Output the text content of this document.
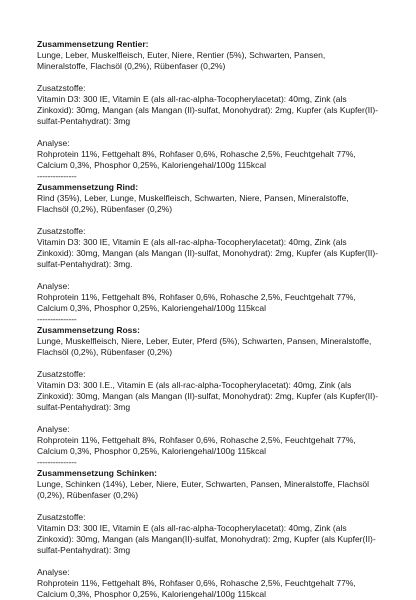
Zusammensetzung Rentier:

Lunge, Leber, Muskelfleisch, Euter, Niere, Rentier (5%), Schwarten, Pansen,
Mineralstoffe, Flachsöl (0,2%), Rübenfaser (0,2%)

Zusatzstoffe:

Vitamin D3: 300 IE, Vitamin E (als all-rac-alpha-Tocopherylacetat): 40mg, Zink (als
Zinkoxid): 30mg, Mangan (als Mangan (II)-sulfat, Monohydrat): 2mg, Kupfer (als Kupfer(II)-
sulfat-Pentahydrat): 3mg

Analyse:

Rohprotein 11%, Fettgehalt 8%, Rohfaser 0,6%, Rohasche 2,5%, Feuchtgehalt 77%,
Calcium 0,3%, Phosphor 0,25%, Kaloriengehal/100g 115kcal

---------------

Zusammensetzung Rind:

Rind (35%), Leber, Lunge, Muskelfleisch, Schwarten, Niere, Pansen, Mineralstoffe,
Flachsöl (0,2%), Rübenfaser (0,2%)

Zusatzstoffe:

Vitamin D3: 300 IE, Vitamin E (als all-rac-alpha-Tocopherylacetat): 40mg, Zink (als
Zinkoxid): 30mg, Mangan (als Mangan (II)-sulfat, Monohydrat): 2mg, Kupfer (als Kupfer(II)-
sulfat-Pentahydrat): 3mg.

Analyse:

Rohprotein 11%, Fettgehalt 8%, Rohfaser 0,6%, Rohasche 2,5%, Feuchtgehalt 77%,
Calcium 0,3%, Phosphor 0,25%, Kaloriengehal/100g 115kcal

---------------

Zusammensetzung Ross:

Lunge, Muskelfleisch, Niere, Leber, Euter, Pferd (5%), Schwarten, Pansen, Mineralstoffe,
Flachsöl (0,2%), Rübenfaser (0,2%)

Zusatzstoffe:

Vitamin D3: 300 I.E., Vitamin E (als all-rac-alpha-Tocopherylacetat): 40mg, Zink (als
Zinkoxid): 30mg, Mangan (als Mangan (II)-sulfat, Monohydrat): 2mg, Kupfer (als Kupfer(II)-
sulfat-Pentahydrat): 3mg

Analyse:

Rohprotein 11%, Fettgehalt 8%, Rohfaser 0,6%, Rohasche 2,5%, Feuchtgehalt 77%,
Calcium 0,3%, Phosphor 0,25%, Kaloriengehal/100g 115kcal

---------------

Zusammensetzung Schinken:

Lunge, Schinken (14%), Leber, Niere, Euter, Schwarten, Pansen, Mineralstoffe, Flachsöl
(0,2%), Rübenfaser (0,2%)

Zusatzstoffe:

Vitamin D3: 300 IE, Vitamin E (als all-rac-alpha-Tocopherylacetat): 40mg, Zink (als
Zinkoxid): 30mg, Mangan (als Mangan(II)-sulfat, Monohydrat): 2mg, Kupfer (als Kupfer(II)-
sulfat-Pentahydrat): 3mg

Analyse:

Rohprotein 11%, Fettgehalt 8%, Rohfaser 0,6%, Rohasche 2,5%, Feuchtgehalt 77%,
Calcium 0,3%, Phosphor 0,25%, Kaloriengehal/100g 115kcal
